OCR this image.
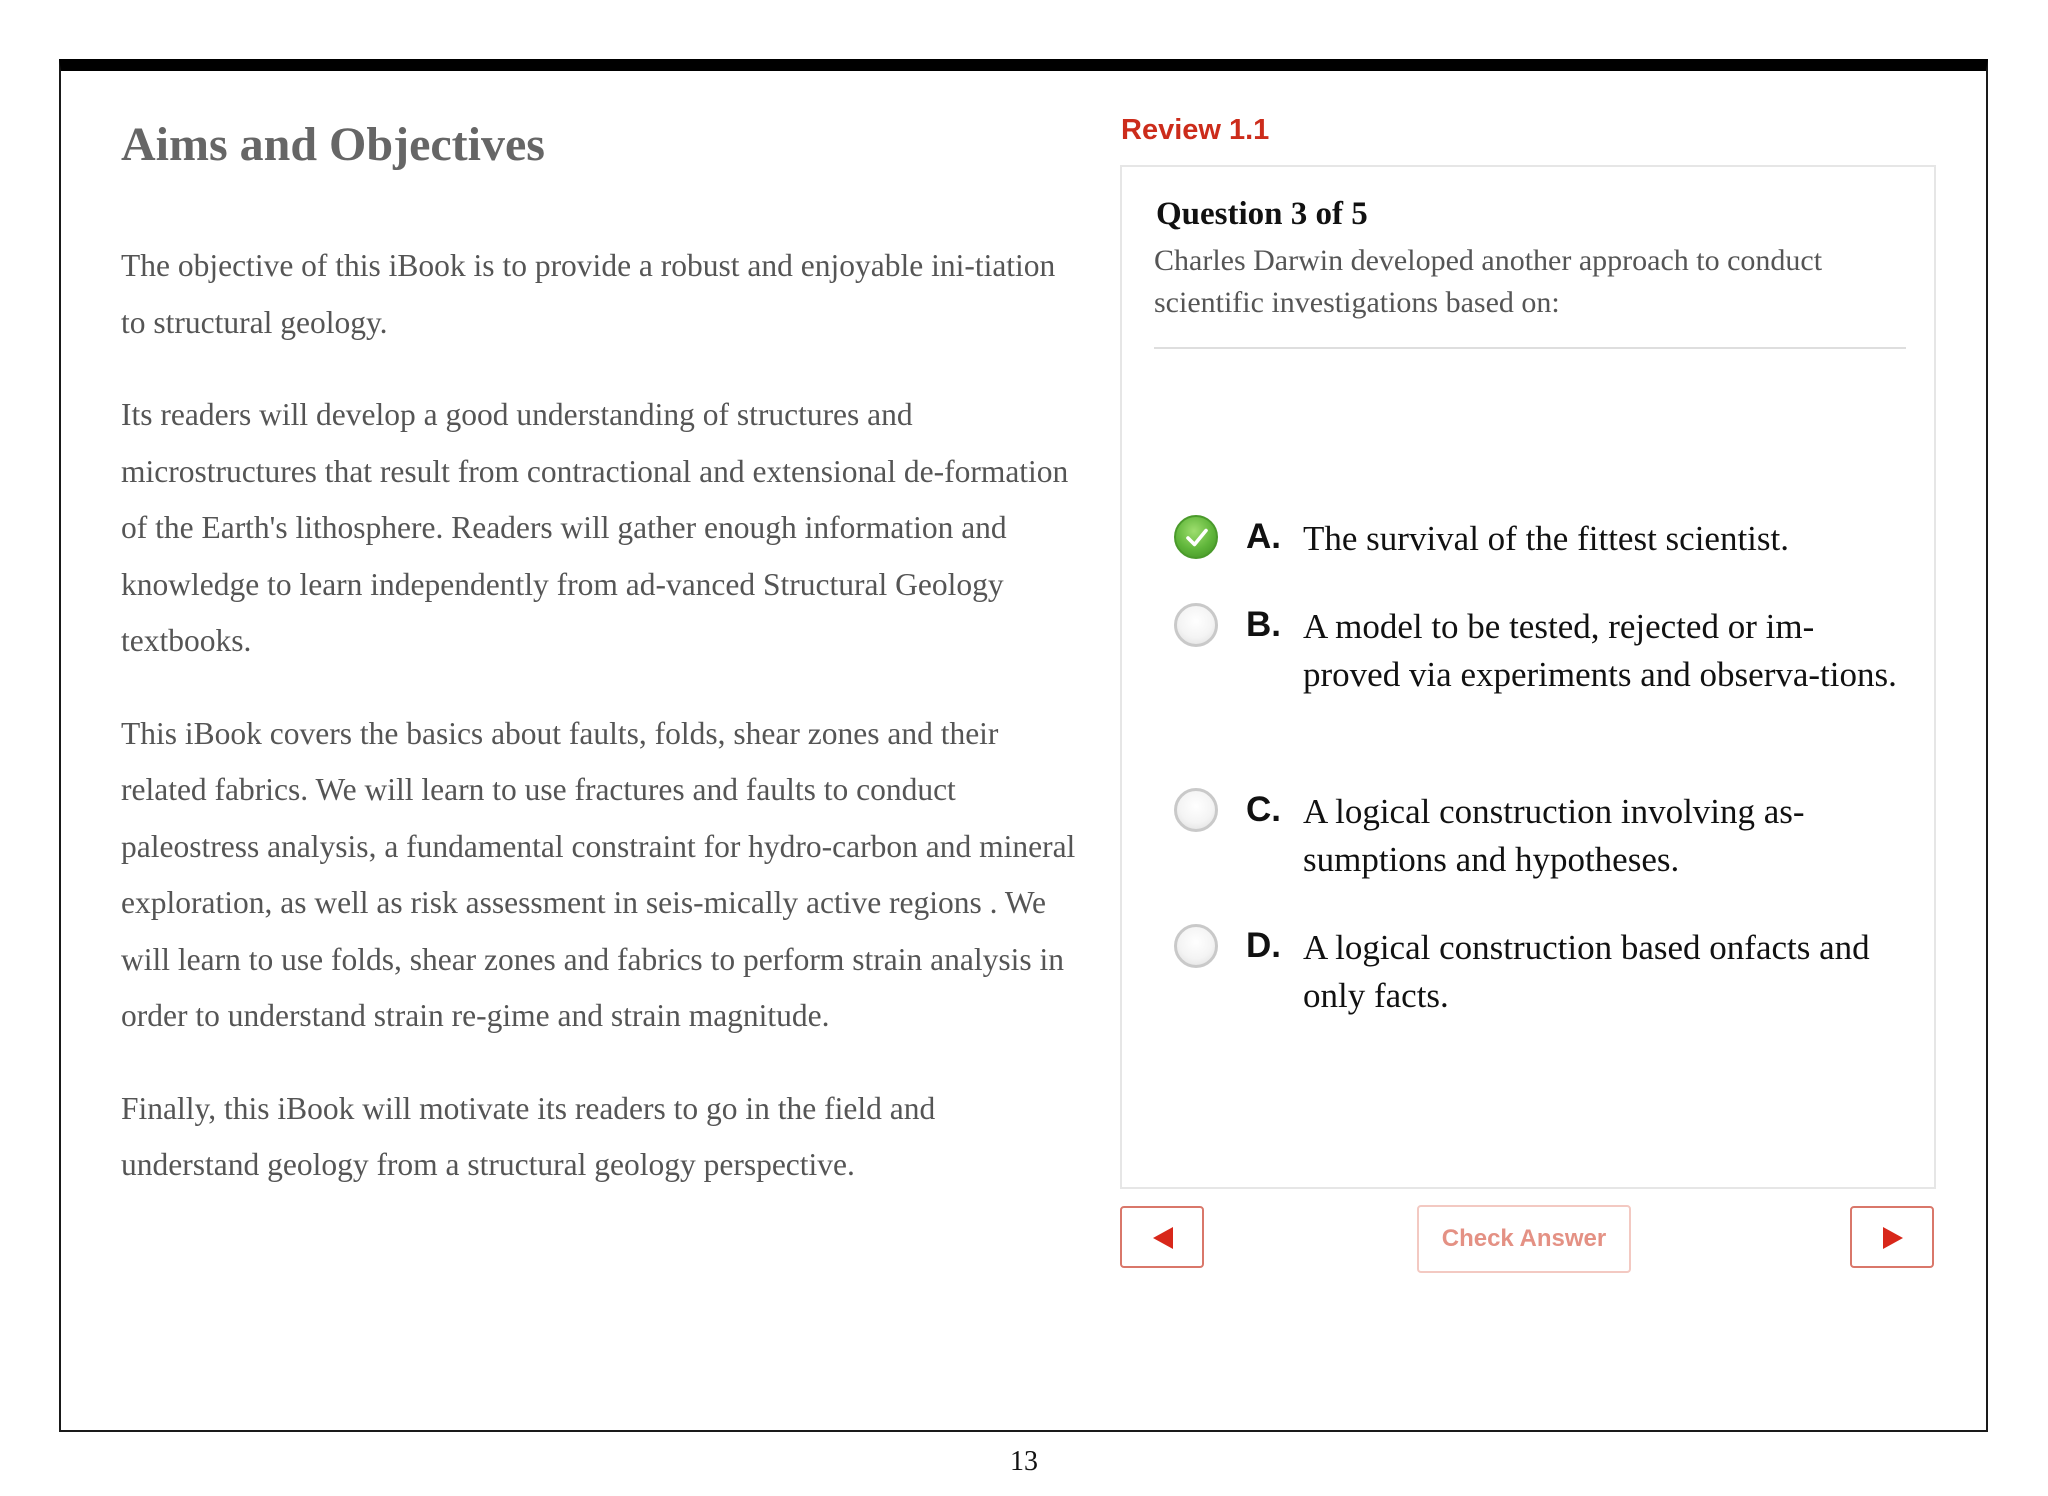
Aims and Objectives

The objective of this iBook is to provide a robust and enjoyable ini-tiation to structural geology.

Its readers will develop a good understanding of structures and microstructures that result from contractional and extensional de-formation of the Earth's lithosphere. Readers will gather enough information and knowledge to learn independently from ad-vanced Structural Geology textbooks.

This iBook covers the basics about faults, folds, shear zones and their related fabrics. We will learn to use fractures and faults to conduct paleostress analysis, a fundamental constraint for hydro-carbon and mineral exploration, as well as risk assessment in seis-mically active regions . We will learn to use folds, shear zones and fabrics to perform strain analysis in order to understand strain re-gime and strain magnitude.

Finally, this iBook will motivate its readers to go in the field and understand geology from a structural geology perspective.

Review 1.1
Question 3 of 5
Charles Darwin developed another approach to conduct scientific investigations based on:
A. The survival of the fittest scientist.
B. A model to be tested, rejected or im-proved via experiments and observa-tions.
C. A logical construction involving as-sumptions and hypotheses.
D. A logical construction based onfacts and only facts.
Check Answer
13
